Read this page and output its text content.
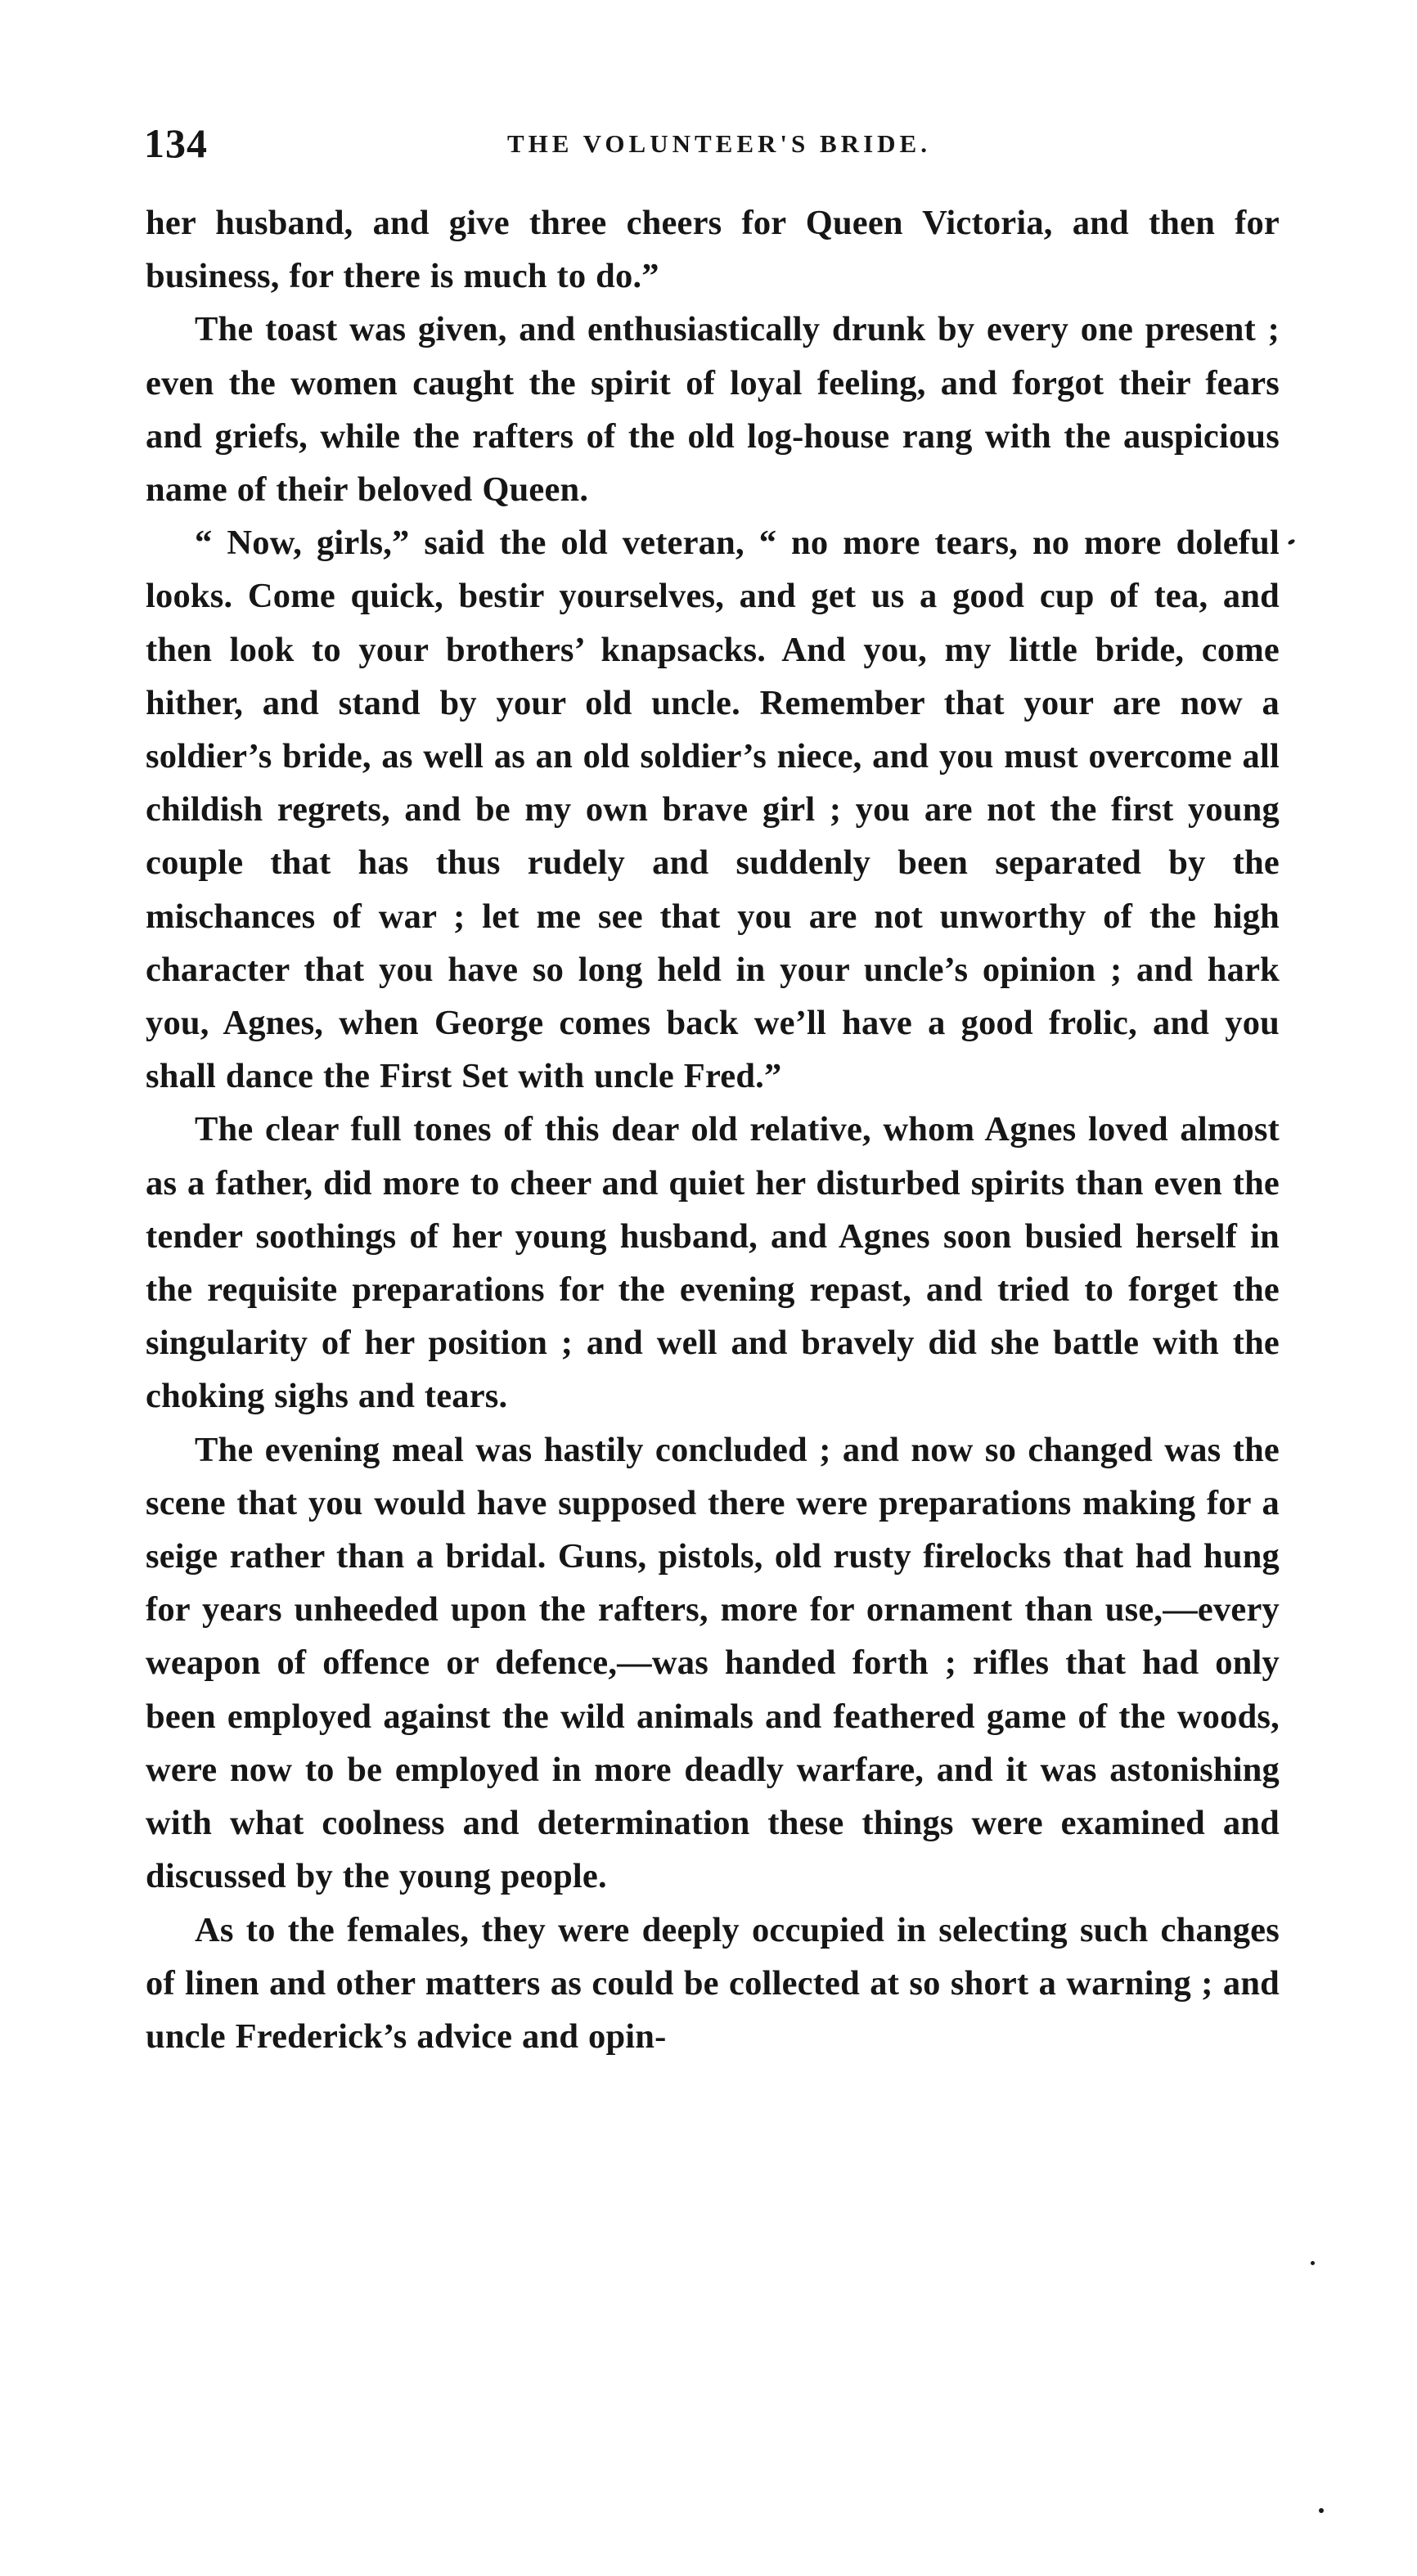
134	THE VOLUNTEER'S BRIDE.

her husband, and give three cheers for Queen Victoria, and then for business, for there is much to do.”

The toast was given, and enthusiastically drunk by every one present ; even the women caught the spirit of loyal feeling, and forgot their fears and griefs, while the rafters of the old log-house rang with the auspicious name of their beloved Queen.

“ Now, girls,” said the old veteran, “ no more tears, no more doleful looks. Come quick, bestir yourselves, and get us a good cup of tea, and then look to your brothers’ knapsacks. And you, my little bride, come hither, and stand by your old uncle. Remember that your are now a soldier’s bride, as well as an old soldier’s niece, and you must overcome all childish regrets, and be my own brave girl ; you are not the first young couple that has thus rudely and suddenly been separated by the mischances of war ; let me see that you are not unworthy of the high character that you have so long held in your uncle’s opinion ; and hark you, Agnes, when George comes back we’ll have a good frolic, and you shall dance the First Set with uncle Fred.”

The clear full tones of this dear old relative, whom Agnes loved almost as a father, did more to cheer and quiet her disturbed spirits than even the tender soothings of her young husband, and Agnes soon busied herself in the requisite preparations for the evening repast, and tried to forget the singularity of her position ; and well and bravely did she battle with the choking sighs and tears.

The evening meal was hastily concluded ; and now so changed was the scene that you would have supposed there were preparations making for a seige rather than a bridal. Guns, pistols, old rusty firelocks that had hung for years unheeded upon the rafters, more for ornament than use,—every weapon of offence or defence,—was handed forth ; rifles that had only been employed against the wild animals and feathered game of the woods, were now to be employed in more deadly warfare, and it was astonishing with what coolness and determination these things were examined and discussed by the young people.

As to the females, they were deeply occupied in selecting such changes of linen and other matters as could be collected at so short a warning ; and uncle Frederick’s advice and opin-
